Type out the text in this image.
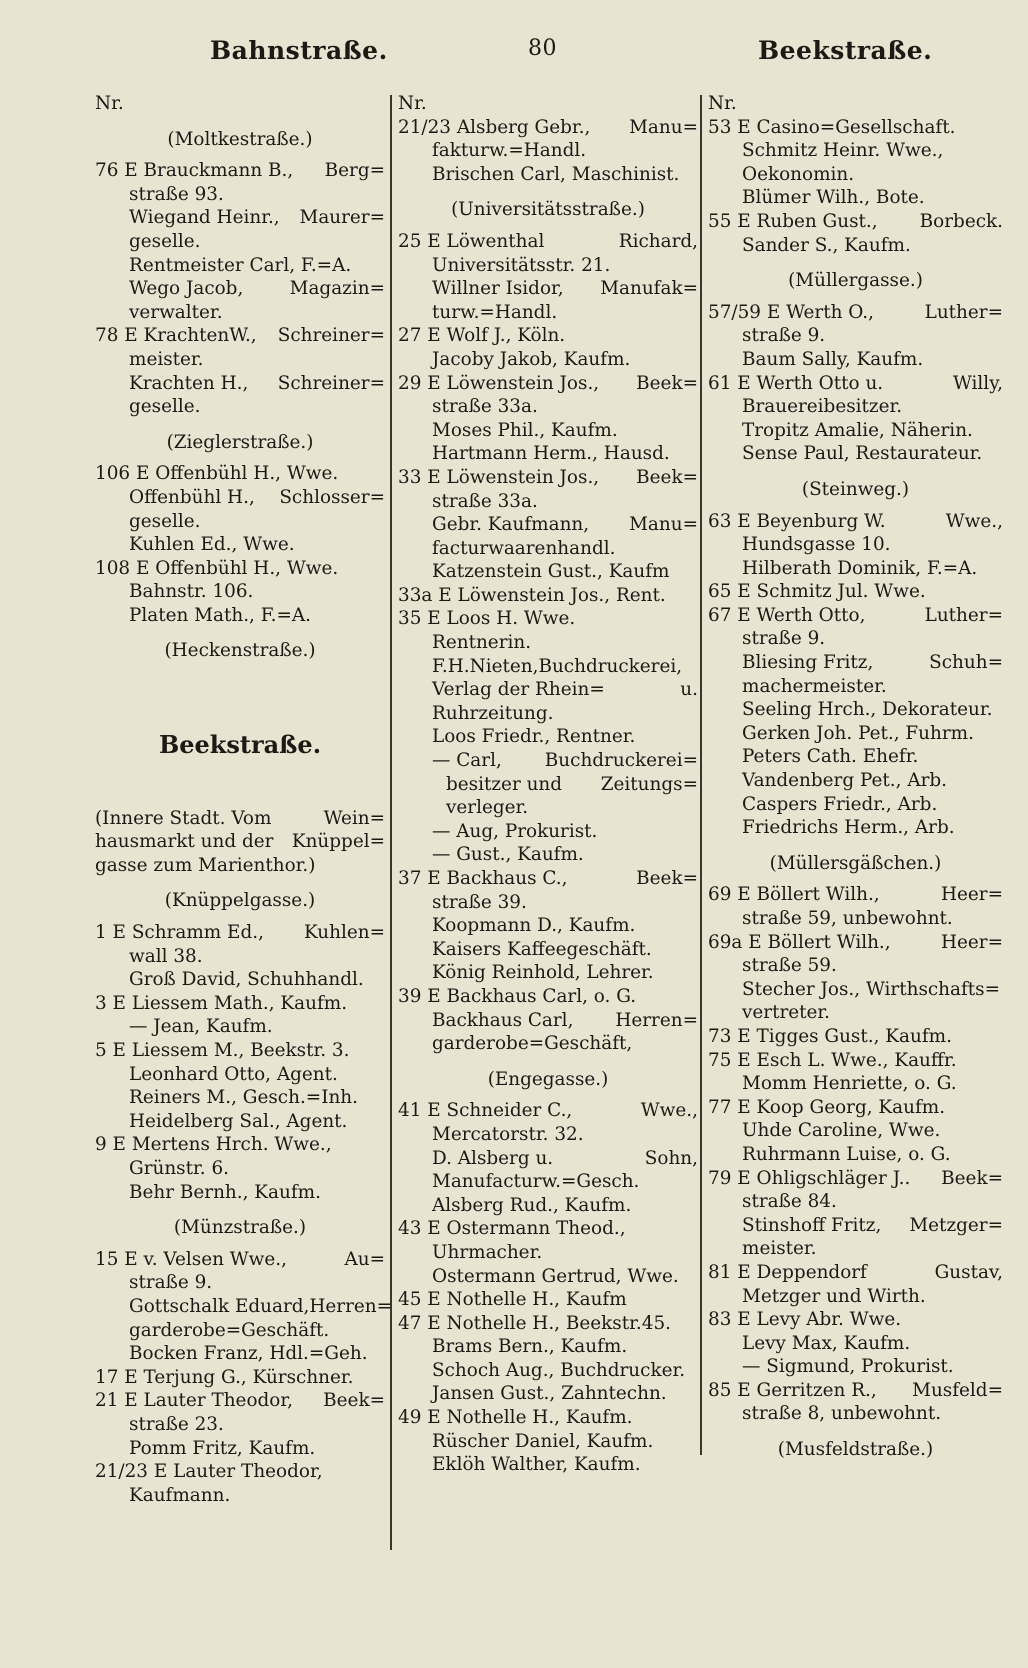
Bahnstraße.	80	Beekstraße.
Nr.
(Moltkestraße.)
76 E Brauckmann B., Berg=
straße 93.
Wiegand Heinr., Maurer=
geselle.
Rentmeister Carl, F.=A.
Wego Jacob,	Magazin=
verwalter.
78 E KrachtenW., Schreiner=
meister.
Krachten H., Schreiner=
geselle.
(Zieglerstraße.)
106 E Offenbühl H., Wwe.
Offenbühl H., Schlosser=
geselle.
Kuhlen Ed., Wwe.
108 E Offenbühl H., Wwe.
Bahnstr. 106.
Platen Math., F.=A.
(Heckenstraße.)
Beekstraße.
(Innere Stadt. Vom	Wein=
hausmarkt und der Knüppel=
gasse zum Marienthor.)
(Knüppelgasse.)
1 E Schramm Ed., Kuhlen=
wall 38.
Groß David, Schuhhandl.
3 E Liessem Math., Kaufm.
— Jean, Kaufm.
5 E Liessem M., Beekstr. 3.
Leonhard Otto, Agent.
Reiners M., Gesch.=Inh.
Heidelberg Sal., Agent.
9 E Mertens Hrch. Wwe.,
Grünstr. 6.
Behr Bernh., Kaufm.
(Münzstraße.)
15 E v. Velsen Wwe.,	Au=
straße 9.
Gottschalk Eduard, Herren=
garderobe=Geschäft.
Bocken Franz, Hdl.=Geh.
17 E Terjung G., Kürschner.
21 E Lauter Theodor, Beek=
straße 23.
Pomm Fritz, Kaufm.
21/23 E Lauter Theodor,
Kaufmann.
Nr.
21/23 Alsberg Gebr., Manu=
fakturw.=Handl.
Brischen Carl, Maschinist.
(Universitätsstraße.)
25 E Löwenthal	Richard,
Universitätsstr. 21.
Willner Isidor, Manufak=
turw.=Handl.
27 E Wolf J., Köln.
Jacoby Jakob, Kaufm.
29 E Löwenstein Jos., Beek=
straße 33a.
Moses Phil., Kaufm.
Hartmann Herm., Hausd.
33 E Löwenstein Jos., Beek=
straße 33a.
Gebr. Kaufmann, Manu=
facturwaarenhandl.
Katzenstein Gust., Kaufm
33a E Löwenstein Jos., Rent.
35 E Loos H. Wwe.
Rentnerin.
F.H.Nieten,Buchdruckerei,
Verlag der Rhein=	u.
Ruhrzeitung.
Loos Friedr., Rentner.
— Carl, Buchdruckerei=
besitzer und Zeitungs=
verleger.
— Aug, Prokurist.
— Gust., Kaufm.
37 E Backhaus C.,	Beek=
straße 39.
Koopmann D., Kaufm.
Kaisers Kaffeegeschäft.
König Reinhold, Lehrer.
39 E Backhaus Carl, o. G.
Backhaus Carl, Herren=
garderobe=Geschäft,
(Engegasse.)
41 E Schneider C.,	Wwe.,
Mercatorstr. 32.
D. Alsberg u.	Sohn,
Manufacturw.=Gesch.
Alsberg Rud., Kaufm.
43 E Ostermann Theod.,
Uhrmacher.
Ostermann Gertrud, Wwe.
45 E Nothelle H., Kaufm
47 E Nothelle H., Beekstr.45.
Brams Bern., Kaufm.
Schoch Aug., Buchdrucker.
Jansen Gust., Zahntechn.
49 E Nothelle H., Kaufm.
Rüscher Daniel, Kaufm.
Eklöh Walther, Kaufm.
Nr.
53 E Casino=Gesellschaft.
Schmitz Heinr. Wwe.,
Oekonomin.
Blümer Wilh., Bote.
55 E Ruben Gust., Borbeck.
Sander S., Kaufm.
(Müllergasse.)
57/59 E Werth O.,	Luther=
straße 9.
Baum Sally, Kaufm.
61 E Werth Otto u.	Willy,
Brauereibesitzer.
Tropitz Amalie, Näherin.
Sense Paul, Restaurateur.
(Steinweg.)
63 E Beyenburg W.	Wwe.,
Hundsgasse 10.
Hilberath Dominik, F.=A.
65 E Schmitz Jul. Wwe.
67 E Werth Otto,	Luther=
straße 9.
Bliesing Fritz,	Schuh=
machermeister.
Seeling Hrch., Dekorateur.
Gerken Joh. Pet., Fuhrm.
Peters Cath. Ehefr.
Vandenberg Pet., Arb.
Caspers Friedr., Arb.
Friedrichs Herm., Arb.
(Müllersgäßchen.)
69 E Böllert Wilh.,	Heer=
straße 59, unbewohnt.
69a E Böllert Wilh.,	Heer=
straße 59.
Stecher Jos., Wirthschafts=
vertreter.
73 E Tigges Gust., Kaufm.
75 E Esch L. Wwe., Kauffr.
Momm Henriette, o. G.
77 E Koop Georg, Kaufm.
Uhde Caroline, Wwe.
Ruhrmann Luise, o. G.
79 E Ohligschläger J.. Beek=
straße 84.
Stinshoff Fritz, Metzger=
meister.
81 E Deppendorf	Gustav,
Metzger und Wirth.
83 E Levy Abr. Wwe.
Levy Max, Kaufm.
— Sigmund, Prokurist.
85 E Gerritzen R., Musfeld=
straße 8, unbewohnt.
(Musfeldstraße.)
